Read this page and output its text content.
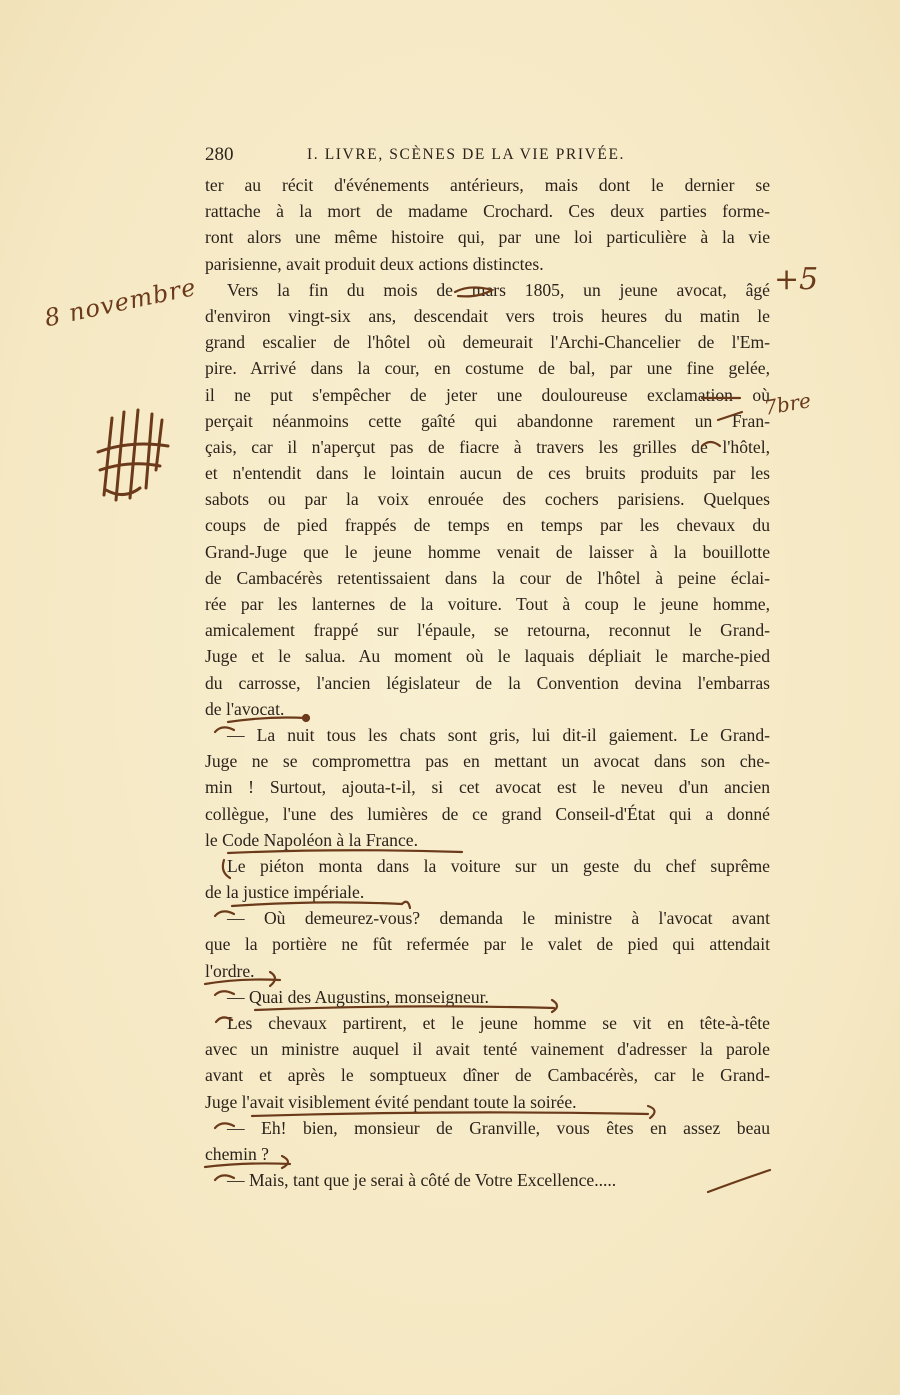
280	I. LIVRE, SCÈNES DE LA VIE PRIVÉE.
ter au récit d'événements antérieurs, mais dont le dernier se
rattache à la mort de madame Crochard. Ces deux parties forme-
ront alors une même histoire qui, par une loi particulière à la vie
parisienne, avait produit deux actions distinctes.
Vers la fin du mois de mars 1805, un jeune avocat, âgé
d'environ vingt-six ans, descendait vers trois heures du matin le
grand escalier de l'hôtel où demeurait l'Archi-Chancelier de l'Em-
pire. Arrivé dans la cour, en costume de bal, par une fine gelée,
il ne put s'empêcher de jeter une douloureuse exclamation où
perçait néanmoins cette gaîté qui abandonne rarement un Fran-
çais, car il n'aperçut pas de fiacre à travers les grilles de l'hôtel,
et n'entendit dans le lointain aucun de ces bruits produits par les
sabots ou par la voix enrouée des cochers parisiens. Quelques
coups de pied frappés de temps en temps par les chevaux du
Grand-Juge que le jeune homme venait de laisser à la bouillotte
de Cambacérès retentissaient dans la cour de l'hôtel à peine éclai-
rée par les lanternes de la voiture. Tout à coup le jeune homme,
amicalement frappé sur l'épaule, se retourna, reconnut le Grand-
Juge et le salua. Au moment où le laquais dépliait le marche-pied
du carrosse, l'ancien législateur de la Convention devina l'embarras
de l'avocat.
— La nuit tous les chats sont gris, lui dit-il gaiement. Le Grand-
Juge ne se compromettra pas en mettant un avocat dans son che-
min ! Surtout, ajouta-t-il, si cet avocat est le neveu d'un ancien
collègue, l'une des lumières de ce grand Conseil-d'État qui a donné
le Code Napoléon à la France.
Le piéton monta dans la voiture sur un geste du chef suprême
de la justice impériale.
— Où demeurez-vous? demanda le ministre à l'avocat avant
que la portière ne fût refermée par le valet de pied qui attendait
l'ordre.
— Quai des Augustins, monseigneur.
Les chevaux partirent, et le jeune homme se vit en tête-à-tête
avec un ministre auquel il avait tenté vainement d'adresser la parole
avant et après le somptueux dîner de Cambacérès, car le Grand-
Juge l'avait visiblement évité pendant toute la soirée.
— Eh! bien, monsieur de Granville, vous êtes en assez beau
chemin ?
— Mais, tant que je serai à côté de Votre Excellence.....
8 novembre	+5
7bre
